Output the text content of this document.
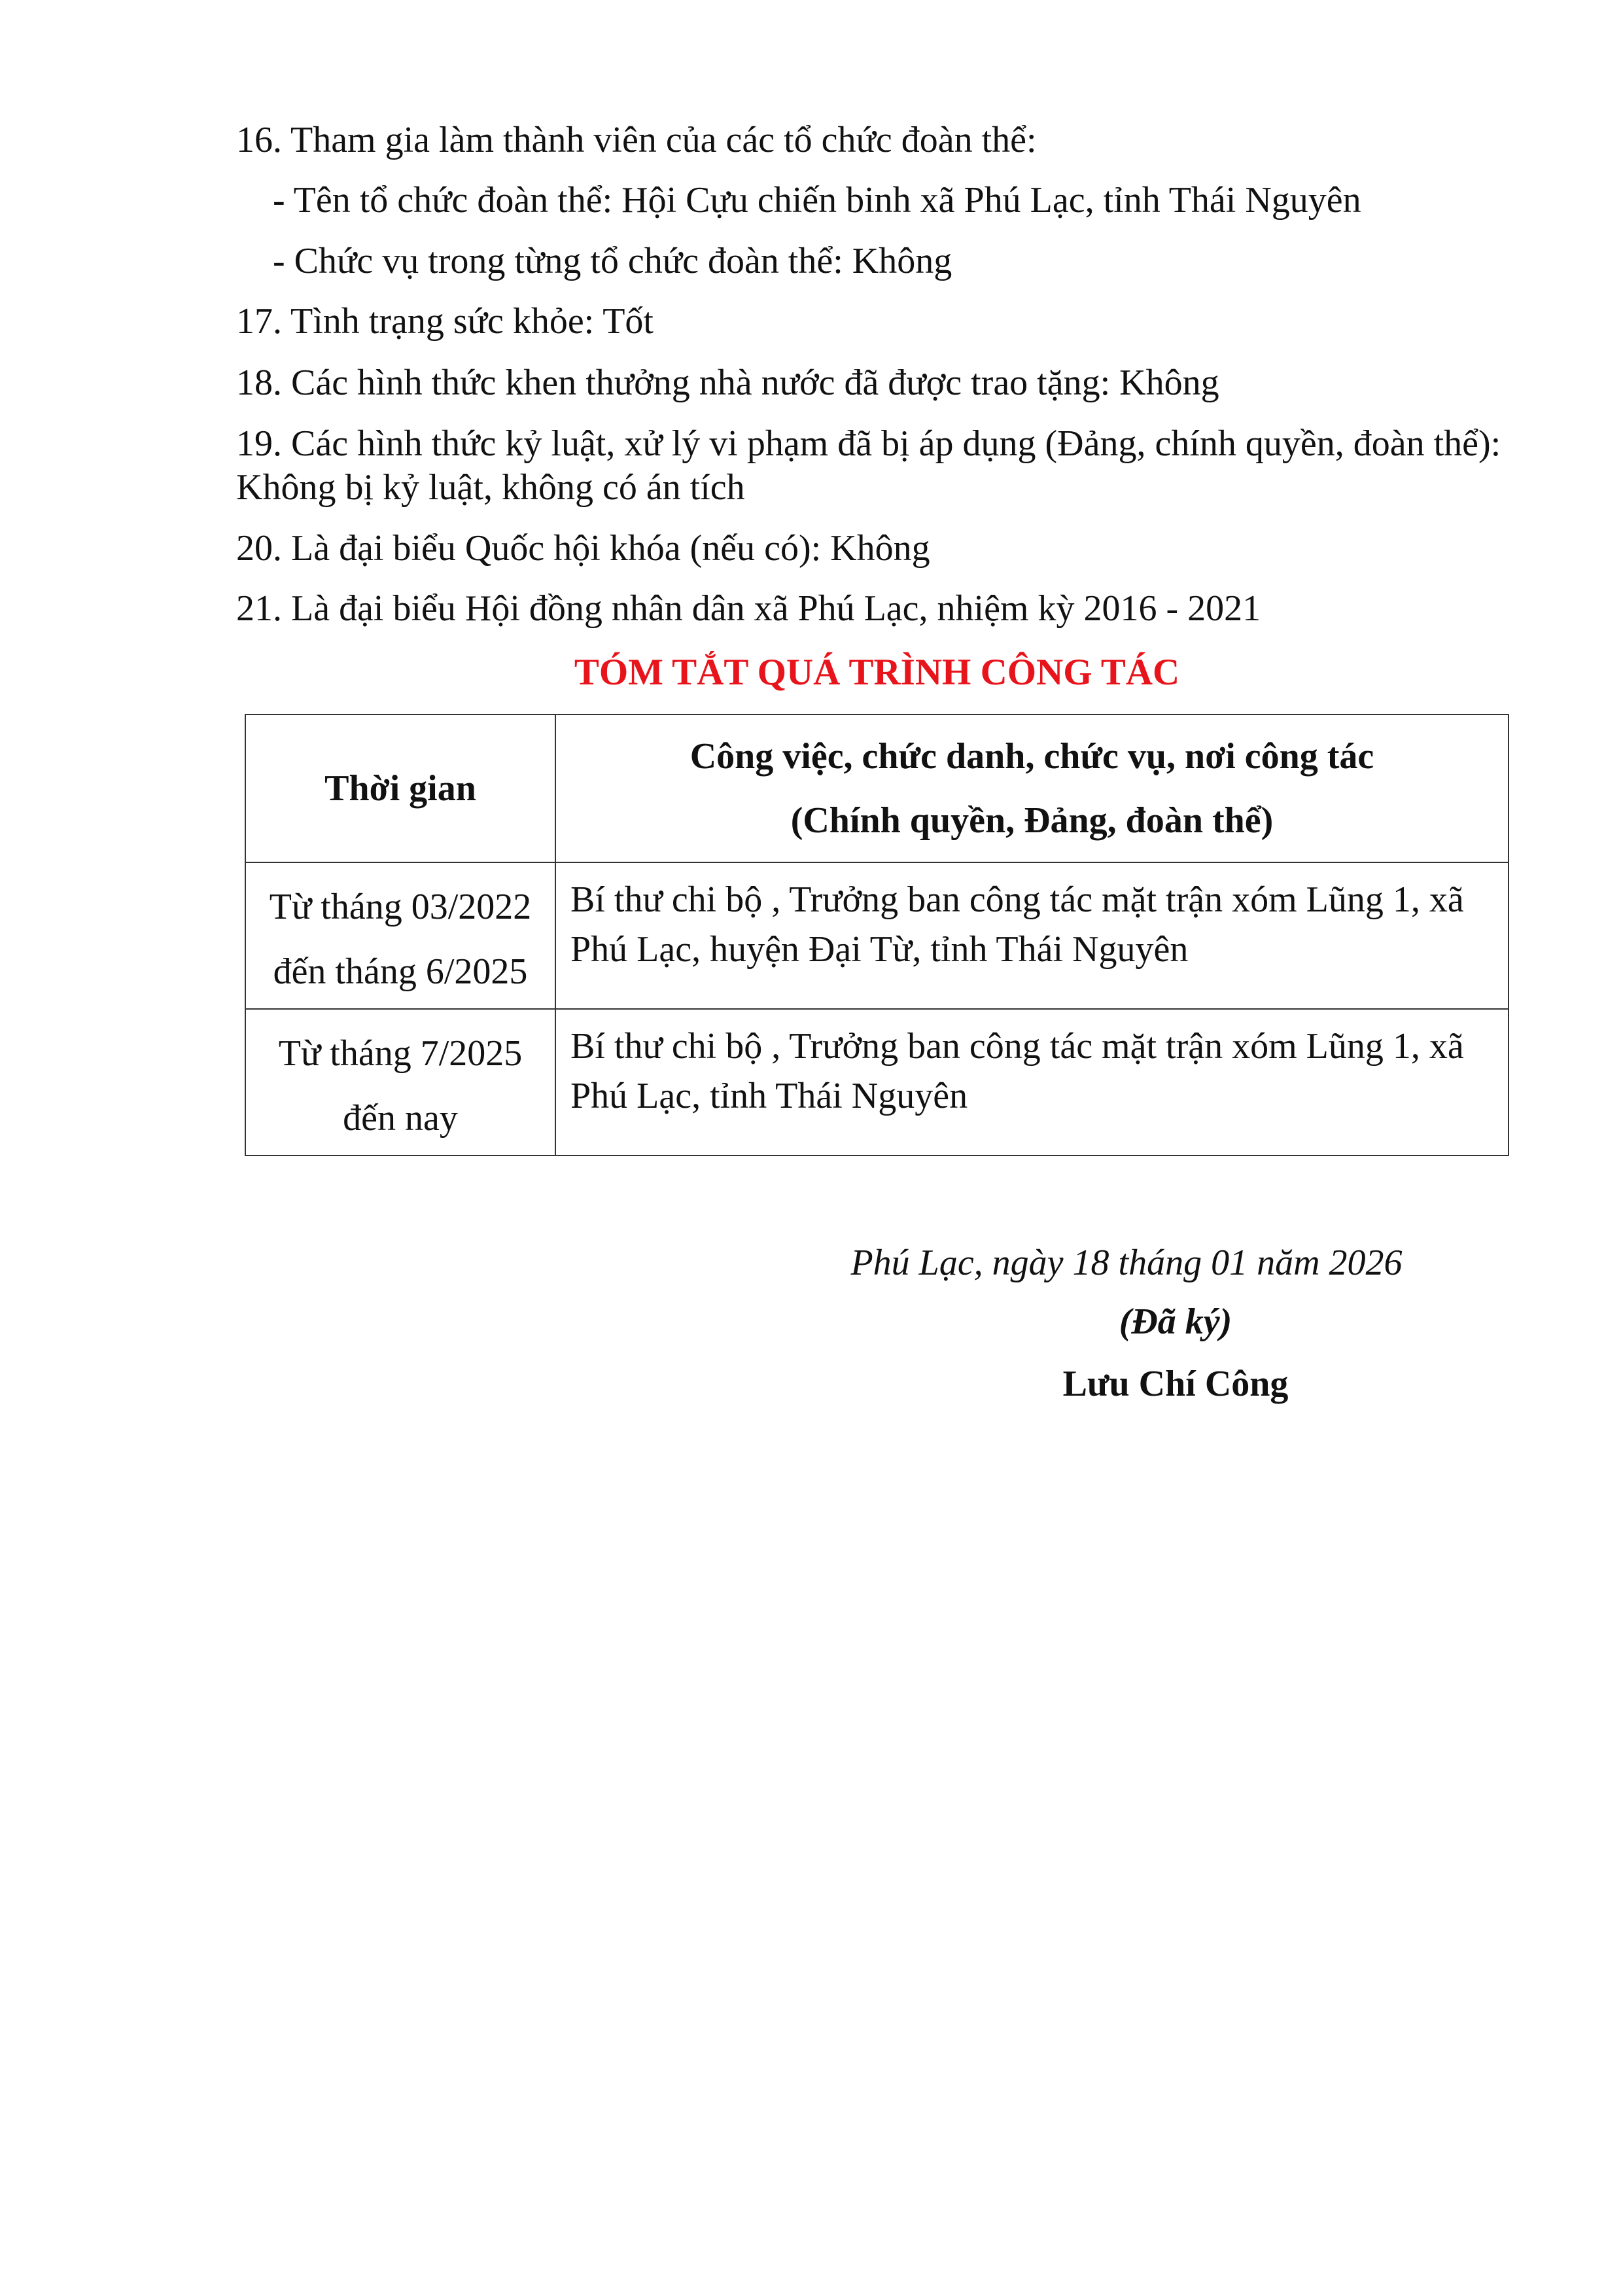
16. Tham gia làm thành viên của các tổ chức đoàn thể:
- Tên tổ chức đoàn thể: Hội Cựu chiến binh xã Phú Lạc, tỉnh Thái Nguyên
- Chức vụ trong từng tổ chức đoàn thể: Không
17. Tình trạng sức khỏe: Tốt
18. Các hình thức khen thưởng nhà nước đã được trao tặng: Không
19. Các hình thức kỷ luật, xử lý vi phạm đã bị áp dụng (Đảng, chính quyền, đoàn thể):
Không bị kỷ luật, không có án tích
20. Là đại biểu Quốc hội khóa (nếu có): Không
21. Là đại biểu Hội đồng nhân dân xã Phú Lạc, nhiệm kỳ 2016 - 2021
TÓM TẮT QUÁ TRÌNH CÔNG TÁC
Thời gian	Công việc, chức danh, chức vụ, nơi công tác
(Chính quyền, Đảng, đoàn thể)

Từ tháng 03/2022
đến tháng 6/2025	Bí thư chi bộ , Trưởng ban công tác mặt trận xóm Lũng 1, xã Phú Lạc, huyện Đại Từ, tỉnh Thái Nguyên

Từ tháng 7/2025
đến nay	Bí thư chi bộ , Trưởng ban công tác mặt trận xóm Lũng 1, xã Phú Lạc, tỉnh Thái Nguyên
Phú Lạc, ngày 18 tháng 01 năm 2026
(Đã ký)
Lưu Chí Công
